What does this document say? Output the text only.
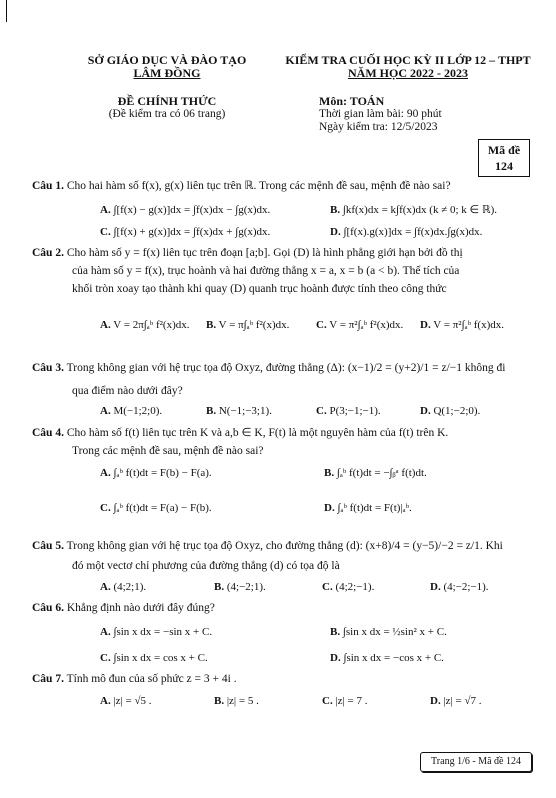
SỞ GIÁO DỤC VÀ ĐÀO TẠO
LÂM ĐỒNG
KIỂM TRA CUỐI HỌC KỲ II LỚP 12 – THPT
NĂM HỌC 2022 - 2023
ĐỀ CHÍNH THỨC
(Đề kiểm tra có 06 trang)
Môn: TOÁN
Thời gian làm bài: 90 phút
Ngày kiểm tra: 12/5/2023
Mã đề
124
Câu 1. Cho hai hàm số f(x), g(x) liên tục trên ℝ. Trong các mệnh đề sau, mệnh đề nào sai?
A. ∫[f(x) − g(x)]dx = ∫f(x)dx − ∫g(x)dx.	B. ∫kf(x)dx = k∫f(x)dx (k ≠ 0; k ∈ ℝ).
C. ∫[f(x) + g(x)]dx = ∫f(x)dx + ∫g(x)dx.	D. ∫[f(x).g(x)]dx = ∫f(x)dx.∫g(x)dx.
Câu 2. Cho hàm số y = f(x) liên tục trên đoạn [a;b]. Gọi (D) là hình phẳng giới hạn bởi đồ thị
của hàm số y = f(x), trục hoành và hai đường thẳng x = a, x = b (a < b). Thể tích của
khối tròn xoay tạo thành khi quay (D) quanh trục hoành được tính theo công thức
A. V = 2π∫ₐᵇ f²(x)dx. B. V = π∫ₐᵇ f²(x)dx. C. V = π²∫ₐᵇ f²(x)dx. D. V = π²∫ₐᵇ f(x)dx.
Câu 3. Trong không gian với hệ trục tọa độ Oxyz, đường thẳng (Δ): (x−1)/2 = (y+2)/1 = z/−1 không đi
qua điểm nào dưới đây?
A. M(−1;2;0).	B. N(−1;−3;1).	C. P(3;−1;−1).	D. Q(1;−2;0).
Câu 4. Cho hàm số f(t) liên tục trên K và a,b ∈ K, F(t) là một nguyên hàm của f(t) trên K.
Trong các mệnh đề sau, mệnh đề nào sai?
A. ∫ₐᵇ f(t)dt = F(b) − F(a).	B. ∫ₐᵇ f(t)dt = −∫ᵦᵃ f(t)dt.
C. ∫ₐᵇ f(t)dt = F(a) − F(b).	D. ∫ₐᵇ f(t)dt = F(t)|ₐᵇ.
Câu 5. Trong không gian với hệ trục tọa độ Oxyz, cho đường thẳng (d): (x+8)/4 = (y−5)/−2 = z/1. Khi
đó một vectơ chỉ phương của đường thẳng (d) có tọa độ là
A. (4;2;1).	B. (4;−2;1).	C. (4;2;−1).	D. (4;−2;−1).
Câu 6. Khẳng định nào dưới đây đúng?
A. ∫sin x dx = −sin x + C.	B. ∫sin x dx = ½sin² x + C.
C. ∫sin x dx = cos x + C.	D. ∫sin x dx = −cos x + C.
Câu 7. Tính mô đun của số phức z = 3 + 4i .
A. |z| = √5 .	B. |z| = 5 .	C. |z| = 7 .	D. |z| = √7 .
Trang 1/6 - Mã đề 124
